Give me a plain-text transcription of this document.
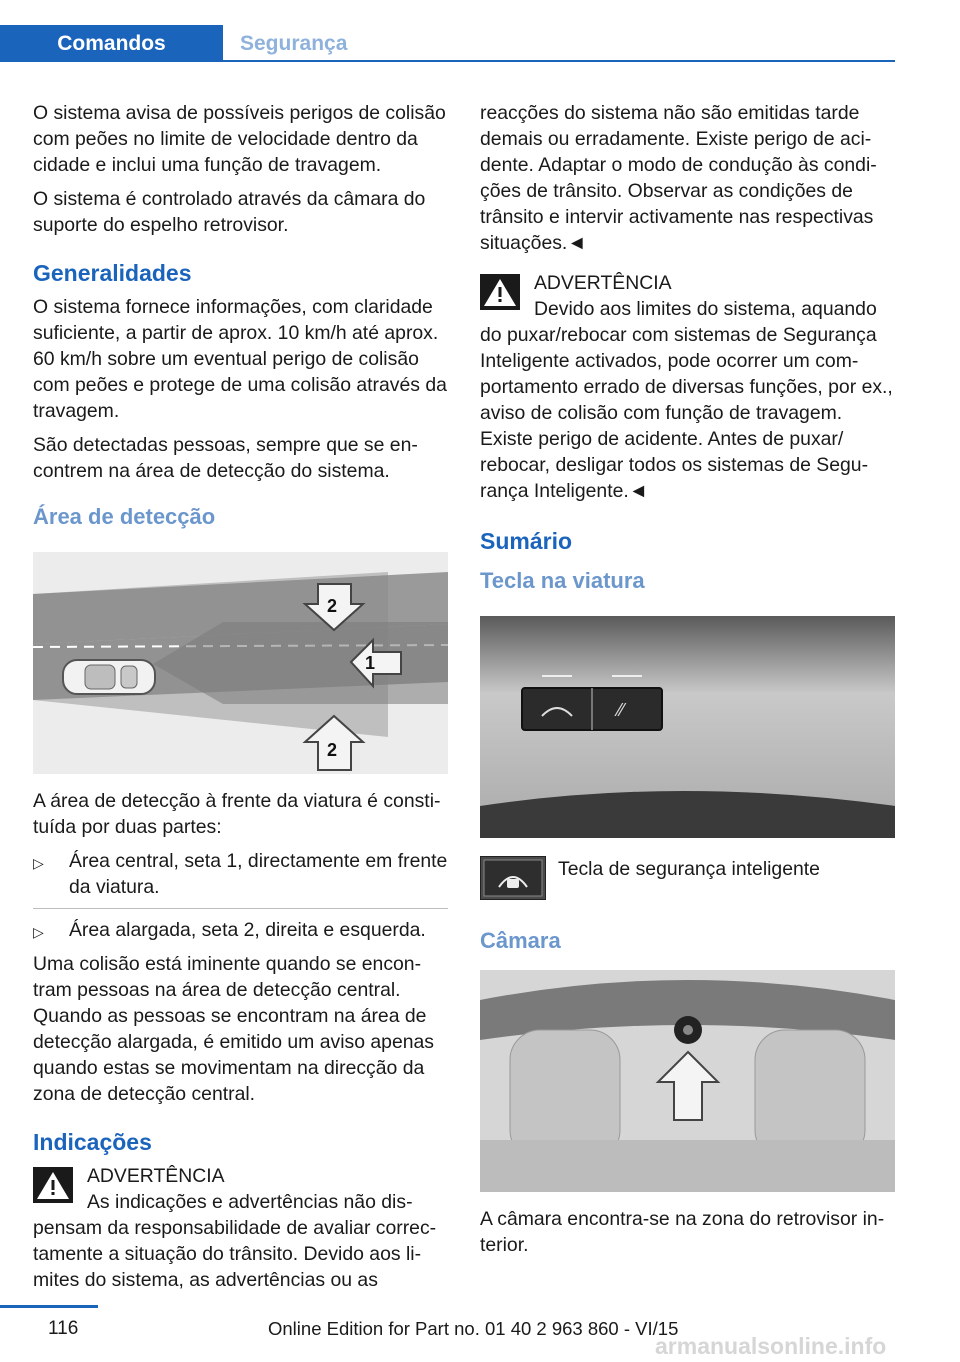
Comandos	Segurança

O sistema avisa de possíveis perigos de colisão com peões no limite de velocidade dentro da cidade e inclui uma função de travagem.

O sistema é controlado através da câmara do suporte do espelho retrovisor.

Generalidades

O sistema fornece informações, com claridade suficiente, a partir de aprox. 10 km/h até aprox. 60 km/h sobre um eventual perigo de colisão com peões e protege de uma colisão através da travagem.

São detectadas pessoas, sempre que se encontrem na área de detecção do sistema.

Área de detecção
2
1
2

A área de detecção à frente da viatura é constituída por duas partes:

▷ Área central, seta 1, directamente em frente da viatura.
▷ Área alargada, seta 2, direita e esquerda.

Uma colisão está iminente quando se encontram pessoas na área de detecção central. Quando as pessoas se encontram na área de detecção alargada, é emitido um aviso apenas quando estas se movimentam na direcção da zona de detecção central.

Indicações
ADVERTÊNCIA
As indicações e advertências não dispensam da responsabilidade de avaliar correctamente a situação do trânsito. Devido aos limites do sistema, as advertências ou as

reacções do sistema não são emitidas tarde demais ou erradamente. Existe perigo de acidente. Adaptar o modo de condução às condições de trânsito. Observar as condições de trânsito e intervir activamente nas respectivas situações.◄

ADVERTÊNCIA
Devido aos limites do sistema, aquando do puxar/rebocar com sistemas de Segurança Inteligente activados, pode ocorrer um comportamento errado de diversas funções, por ex., aviso de colisão com função de travagem. Existe perigo de acidente. Antes de puxar/ rebocar, desligar todos os sistemas de Segurança Inteligente.◄
Sumário
Tecla na viatura
⁄⁄
Tecla de segurança inteligente
Câmara

A câmara encontra-se na zona do retrovisor interior.

116	Online Edition for Part no. 01 40 2 963 860 - VI/15
armanualsonline.info
